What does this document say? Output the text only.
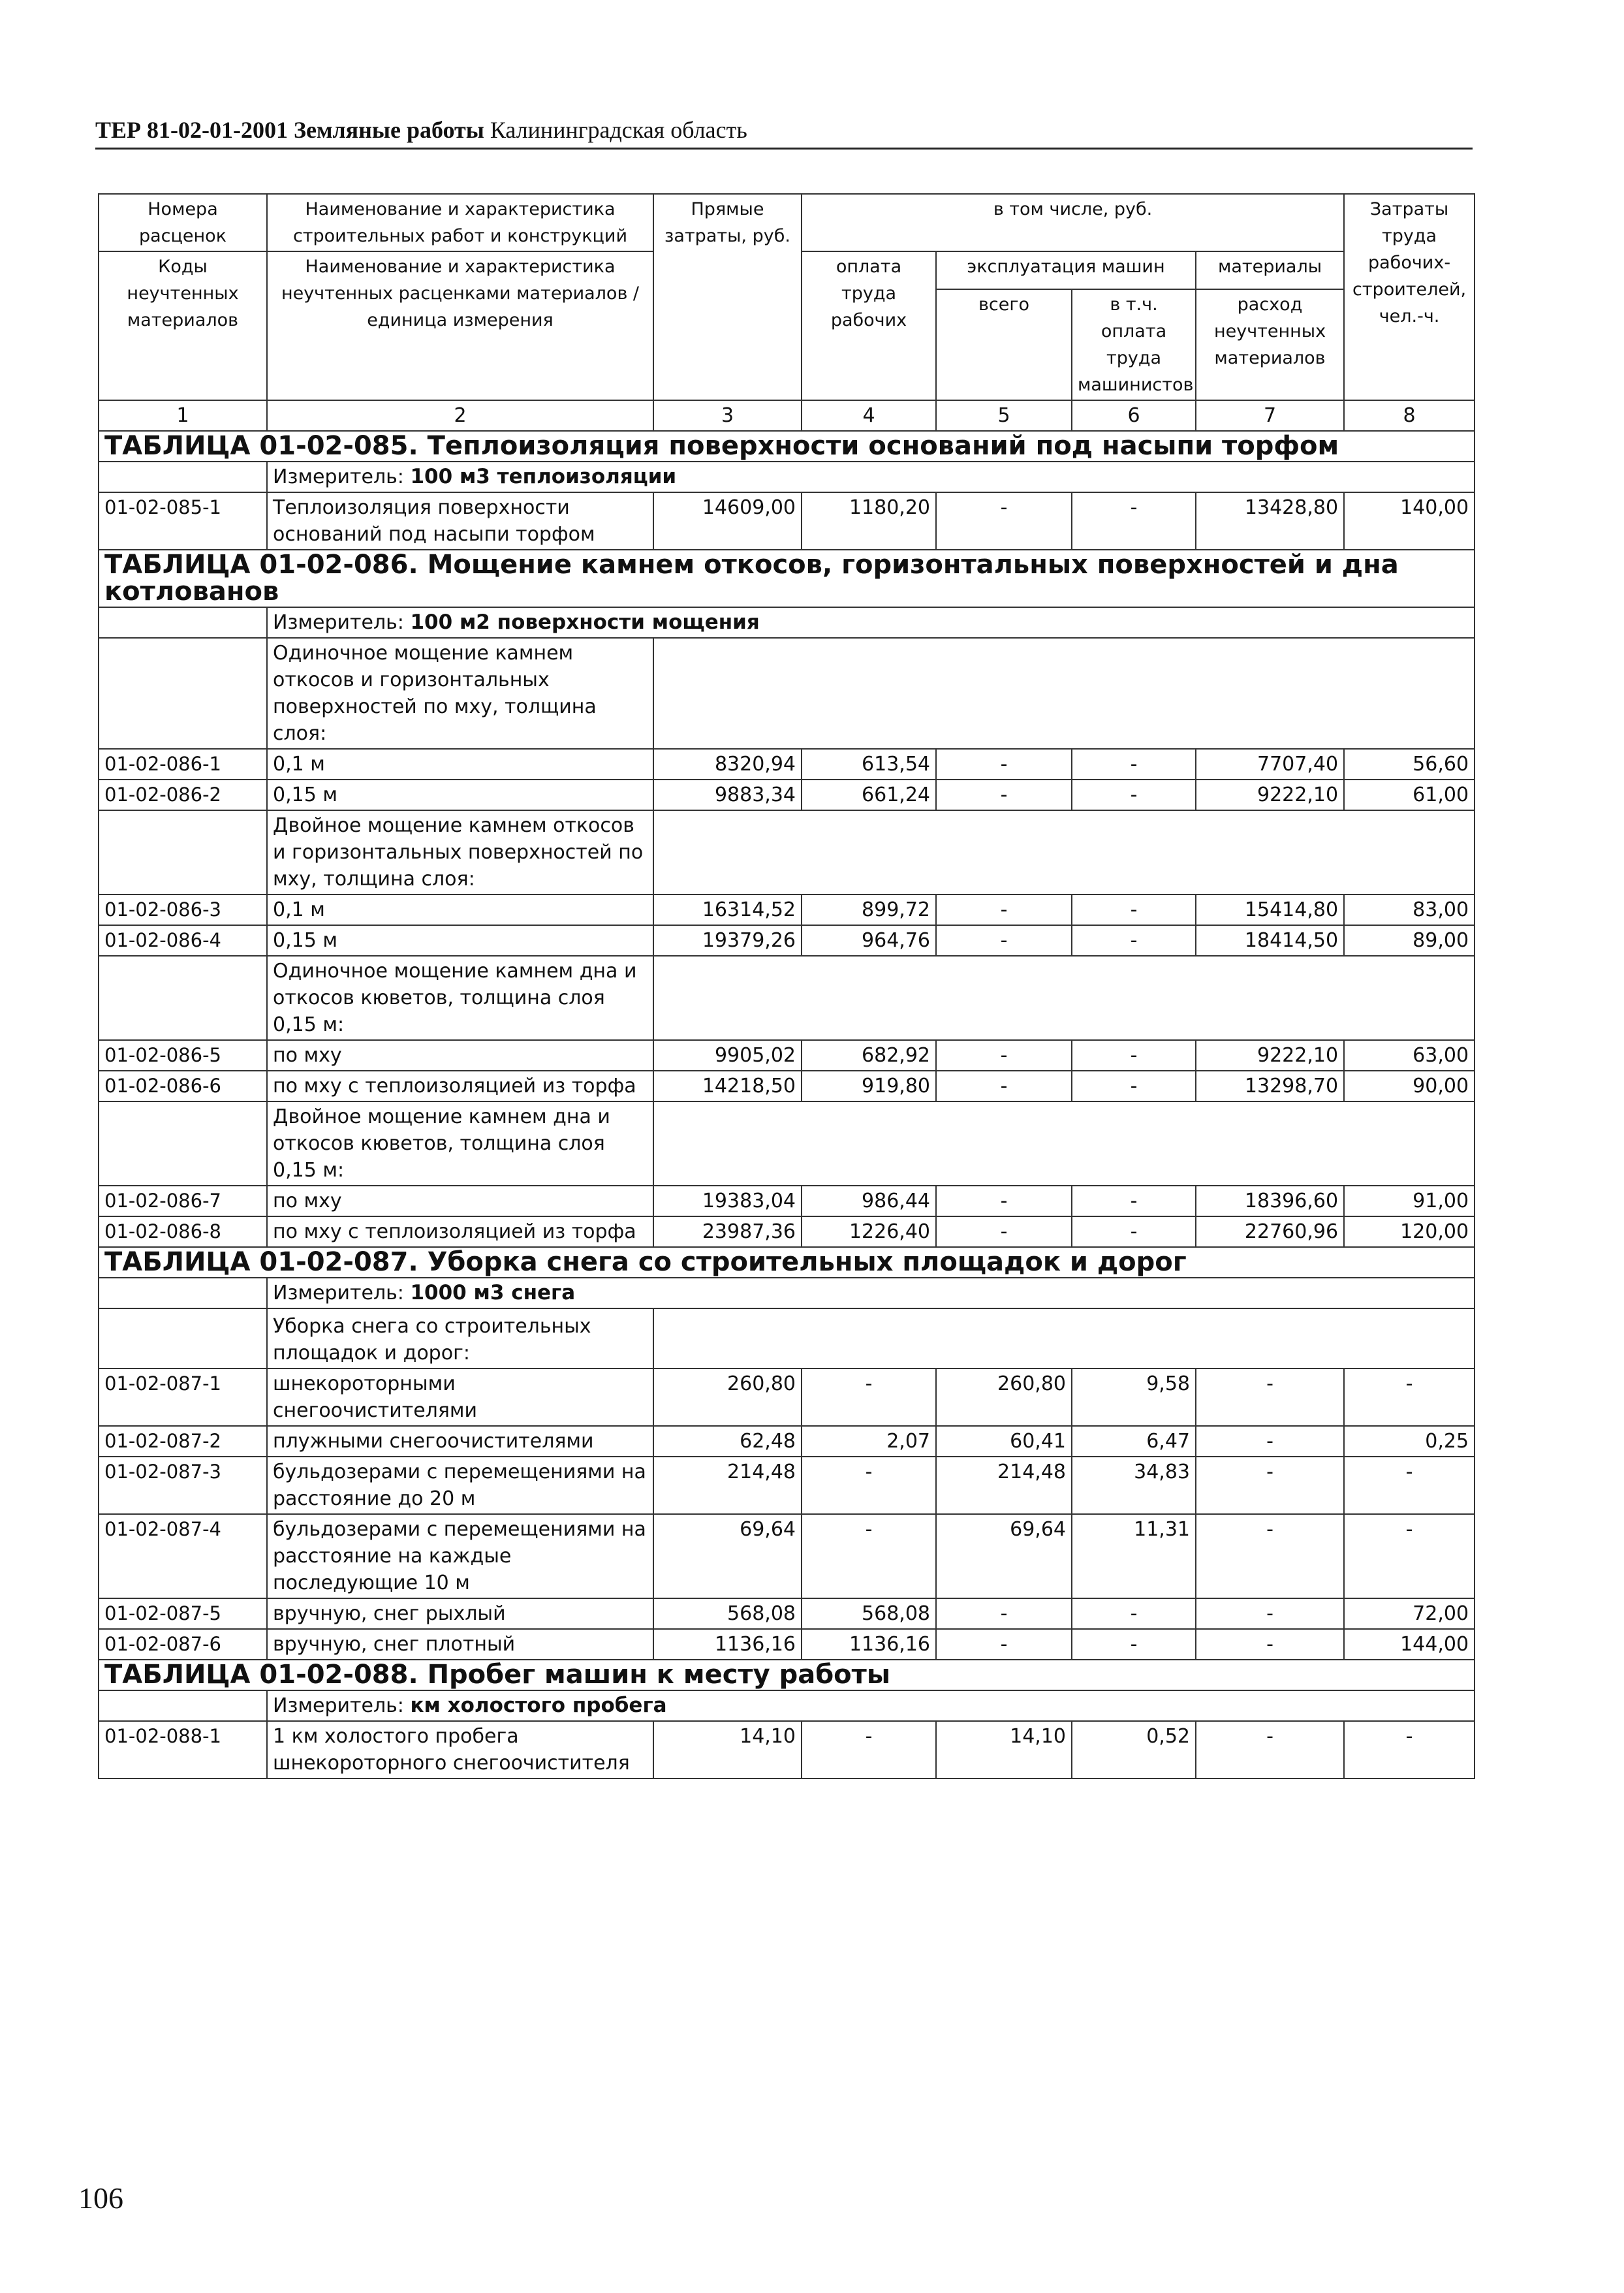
ТЕР 81-02-01-2001 Земляные работы Калининградская область
Номера расценок	Наименование и характеристика строительных работ и конструкций	Прямые затраты, руб.	в том числе, руб.				Затраты труда рабочих-строителей, чел.-ч.
Коды неучтенных материалов	Наименование и характеристика неучтенных расценками материалов / единица измерения		оплата труда рабочих	эксплуатация машин		материалы	
				всего	в т.ч. оплата труда машинистов	расход неучтенных материалов	
1	2	3	4	5	6	7	8
ТАБЛИЦА 01-02-085. Теплоизоляция поверхности оснований под насыпи торфом							
	Измеритель: 100 м3 теплоизоляции						
01-02-085-1	Теплоизоляция поверхности оснований под насыпи торфом	14609,00	1180,20	-	-	13428,80	140,00
ТАБЛИЦА 01-02-086. Мощение камнем откосов, горизонтальных поверхностей и дна котлованов							
	Измеритель: 100 м2 поверхности мощения						
	Одиночное мощение камнем откосов и горизонтальных поверхностей по мху, толщина слоя:						
01-02-086-1	0,1 м	8320,94	613,54	-	-	7707,40	56,60
01-02-086-2	0,15 м	9883,34	661,24	-	-	9222,10	61,00
	Двойное мощение камнем откосов и горизонтальных поверхностей по мху, толщина слоя:						
01-02-086-3	0,1 м	16314,52	899,72	-	-	15414,80	83,00
01-02-086-4	0,15 м	19379,26	964,76	-	-	18414,50	89,00
	Одиночное мощение камнем дна и откосов кюветов, толщина слоя 0,15 м:						
01-02-086-5	по мху	9905,02	682,92	-	-	9222,10	63,00
01-02-086-6	по мху с теплоизоляцией из торфа	14218,50	919,80	-	-	13298,70	90,00
	Двойное мощение камнем дна и откосов кюветов, толщина слоя 0,15 м:						
01-02-086-7	по мху	19383,04	986,44	-	-	18396,60	91,00
01-02-086-8	по мху с теплоизоляцией из торфа	23987,36	1226,40	-	-	22760,96	120,00
ТАБЛИЦА 01-02-087. Уборка снега со строительных площадок и дорог							
	Измеритель: 1000 м3 снега						
	Уборка снега со строительных площадок и дорог:						
01-02-087-1	шнекороторными снегоочистителями	260,80	-	260,80	9,58	-	-
01-02-087-2	плужными снегоочистителями	62,48	2,07	60,41	6,47	-	0,25
01-02-087-3	бульдозерами с перемещениями на расстояние до 20 м	214,48	-	214,48	34,83	-	-
01-02-087-4	бульдозерами с перемещениями на расстояние на каждые последующие 10 м	69,64	-	69,64	11,31	-	-
01-02-087-5	вручную, снег рыхлый	568,08	568,08	-	-	-	72,00
01-02-087-6	вручную, снег плотный	1136,16	1136,16	-	-	-	144,00
ТАБЛИЦА 01-02-088. Пробег машин к месту работы							
	Измеритель: км холостого пробега						
01-02-088-1	1 км холостого пробега шнекороторного снегоочистителя	14,10	-	14,10	0,52	-	-
106
